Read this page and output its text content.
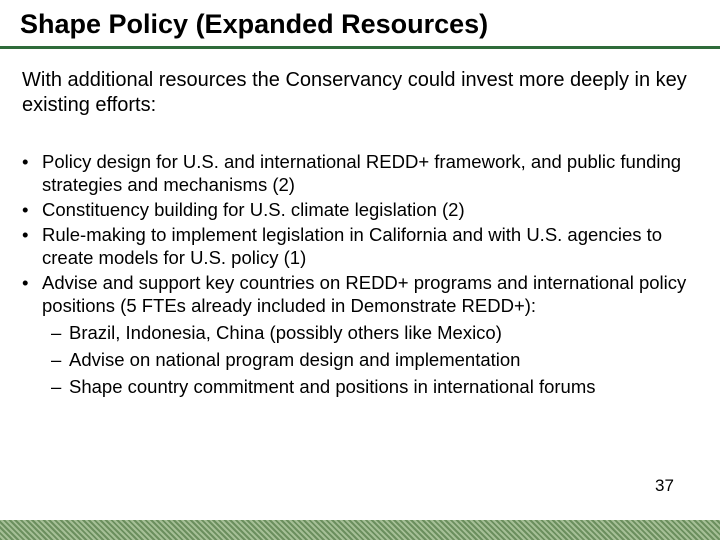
Shape Policy (Expanded Resources)
With additional resources the Conservancy could invest more deeply in key existing efforts:
• Policy design for U.S. and international REDD+ framework, and public funding strategies and mechanisms (2)
• Constituency building for U.S. climate legislation (2)
• Rule-making to implement legislation in California and with U.S. agencies to create models for U.S. policy (1)
• Advise and support key countries on REDD+ programs and international policy positions (5 FTEs already included in Demonstrate REDD+):
– Brazil, Indonesia, China (possibly others like Mexico)
– Advise on national program design and implementation
– Shape country commitment and positions in international forums
37
